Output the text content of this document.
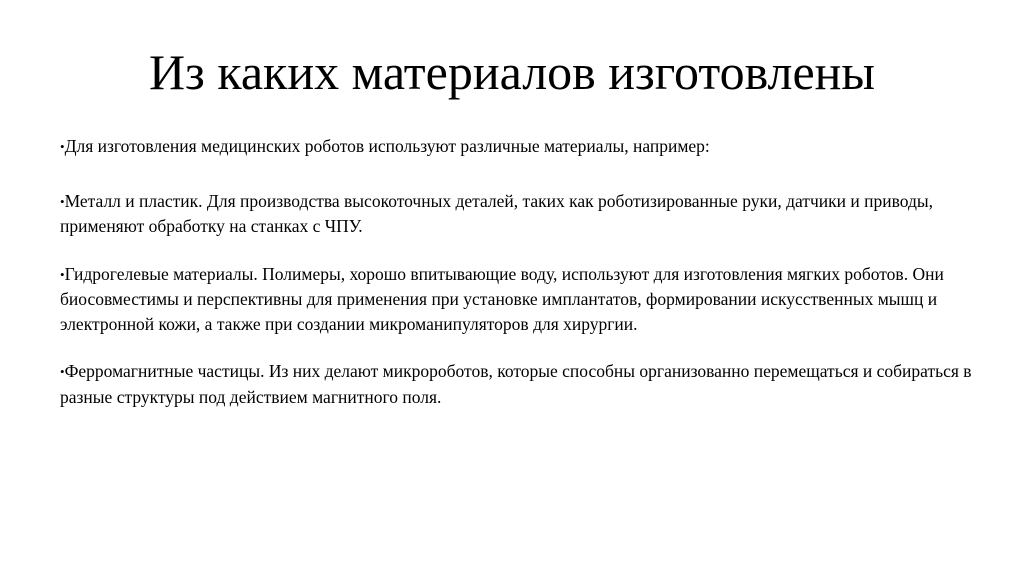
Из каких материалов изготовлены

•Для изготовления медицинских роботов используют различные материалы, например:

•Металл и пластик. Для производства высокоточных деталей, таких как роботизированные руки, датчики и приводы, применяют обработку на станках с ЧПУ.

•Гидрогелевые материалы. Полимеры, хорошо впитывающие воду, используют для изготовления мягких роботов. Они биосовместимы и перспективны для применения при установке имплантатов, формировании искусственных мышц и электронной кожи, а также при создании микроманипуляторов для хирургии.

•Ферромагнитные частицы. Из них делают микророботов, которые способны организованно перемещаться и собираться в разные структуры под действием магнитного поля.
